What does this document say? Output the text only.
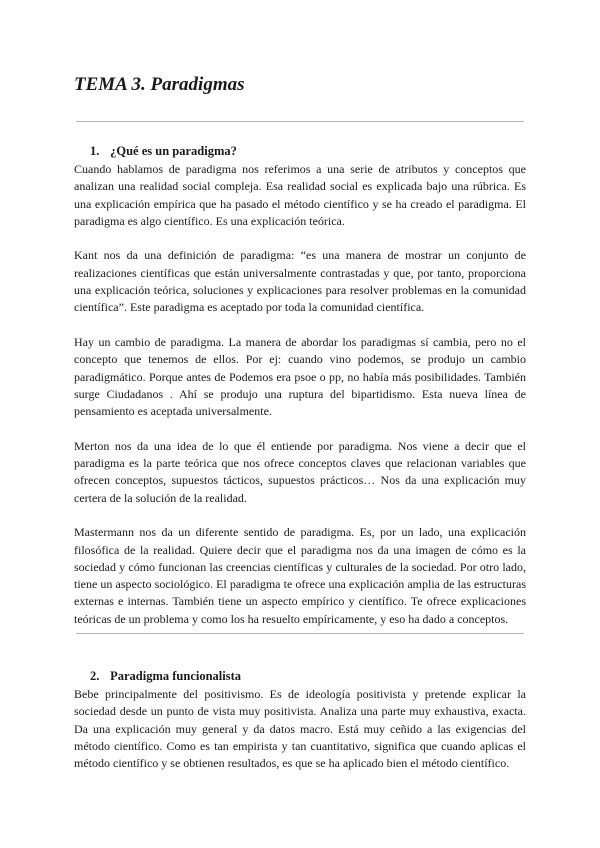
TEMA 3. Paradigmas
1. ¿Qué es un paradigma?

Cuando hablamos de paradigma nos referimos a una serie de atributos y conceptos que analizan una realidad social compleja. Esa realidad social es explicada bajo una rúbrica. Es una explicación empírica que ha pasado el método científico y se ha creado el paradigma. El paradigma es algo científico. Es una explicación teórica.

Kant nos da una definición de paradigma: “es una manera de mostrar un conjunto de realizaciones científicas que están universalmente contrastadas y que, por tanto, proporciona una explicación teórica, soluciones y explicaciones para resolver problemas en la comunidad científica”. Este paradigma es aceptado por toda la comunidad científica.

Hay un cambio de paradigma. La manera de abordar los paradigmas sí cambia, pero no el concepto que tenemos de ellos. Por ej: cuando vino podemos, se produjo un cambio paradigmático. Porque antes de Podemos era psoe o pp, no había más posibilidades. También surge Ciudadanos . Ahí se produjo una ruptura del bipartidismo. Esta nueva línea de pensamiento es aceptada universalmente.

Merton nos da una idea de lo que él entiende por paradigma. Nos viene a decir que el paradigma es la parte teórica que nos ofrece conceptos claves que relacionan variables que ofrecen conceptos, supuestos tácticos, supuestos prácticos… Nos da una explicación muy certera de la solución de la realidad.

Mastermann nos da un diferente sentido de paradigma. Es, por un lado, una explicación filosófica de la realidad. Quiere decir que el paradigma nos da una imagen de cómo es la sociedad y cómo funcionan las creencias científicas y culturales de la sociedad. Por otro lado, tiene un aspecto sociológico. El paradigma te ofrece una explicación amplia de las estructuras externas e internas. También tiene un aspecto empírico y científico. Te ofrece explicaciones teóricas de un problema y como los ha resuelto empíricamente, y eso ha dado a conceptos.

2. Paradigma funcionalista

Bebe principalmente del positivismo. Es de ideología positivista y pretende explicar la sociedad desde un punto de vista muy positivista. Analiza una parte muy exhaustiva, exacta. Da una explicación muy general y da datos macro. Está muy ceñido a las exigencias del método científico. Como es tan empirista y tan cuantitativo, significa que cuando aplicas el método científico y se obtienen resultados, es que se ha aplicado bien el método científico.
